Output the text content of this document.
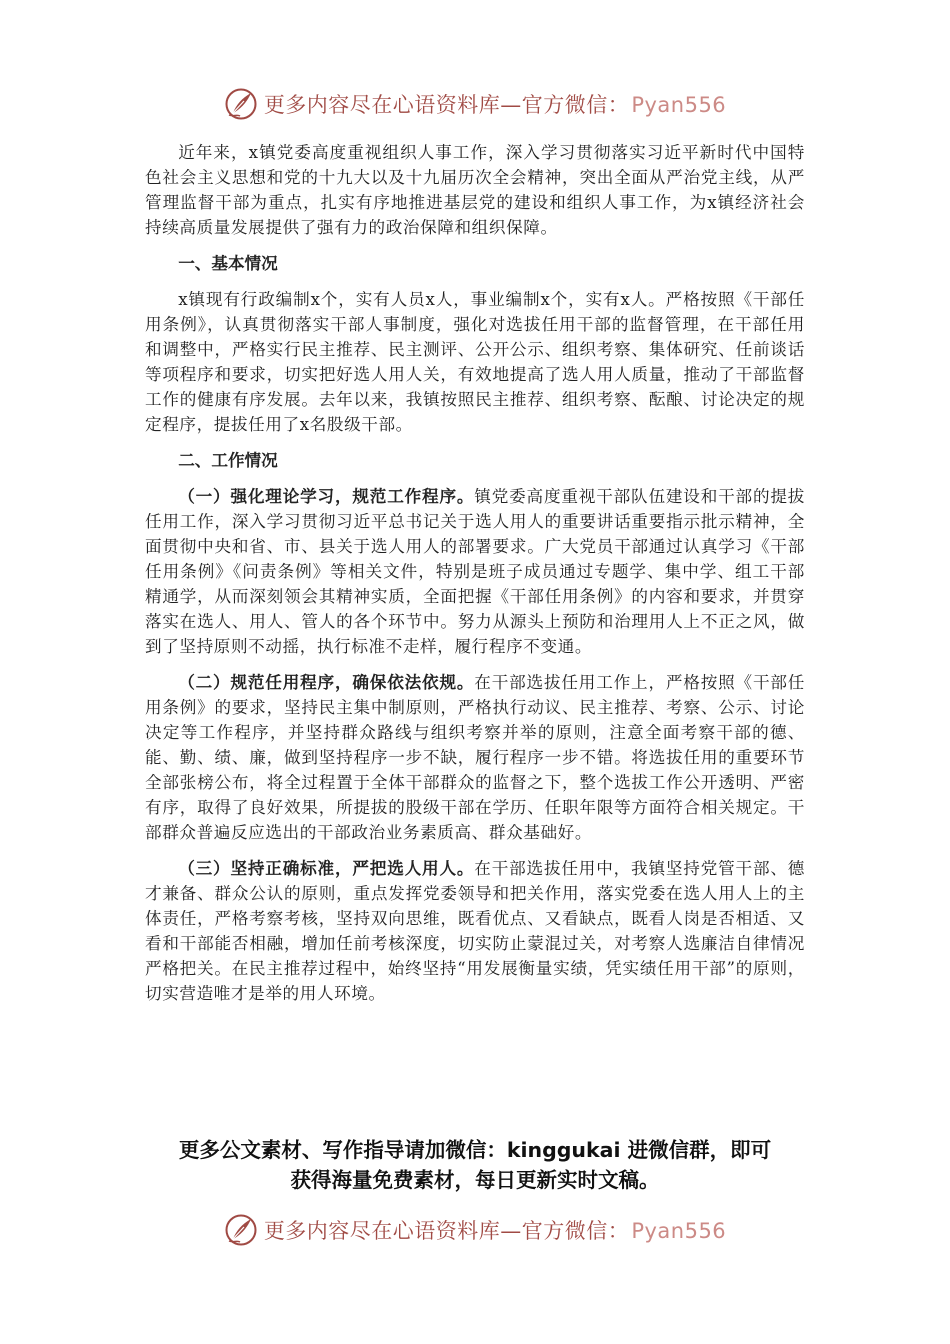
更多内容尽在心语资料库—官方微信：Pyan556

近年来，x镇党委高度重视组织人事工作，深入学习贯彻落实习近平新时代中国特色社会主义思想和党的十九大以及十九届历次全会精神，突出全面从严治党主线，从严管理监督干部为重点，扎实有序地推进基层党的建设和组织人事工作，为x镇经济社会持续高质量发展提供了强有力的政治保障和组织保障。

一、基本情况

x镇现有行政编制x个，实有人员x人，事业编制x个，实有x人。严格按照《干部任用条例》，认真贯彻落实干部人事制度，强化对选拔任用干部的监督管理，在干部任用和调整中，严格实行民主推荐、民主测评、公开公示、组织考察、集体研究、任前谈话等项程序和要求，切实把好选人用人关，有效地提高了选人用人质量，推动了干部监督工作的健康有序发展。去年以来，我镇按照民主推荐、组织考察、酝酿、讨论决定的规定程序，提拔任用了x名股级干部。

二、工作情况

（一）强化理论学习，规范工作程序。镇党委高度重视干部队伍建设和干部的提拔任用工作，深入学习贯彻习近平总书记关于选人用人的重要讲话重要指示批示精神，全面贯彻中央和省、市、县关于选人用人的部署要求。广大党员干部通过认真学习《干部任用条例》《问责条例》等相关文件，特别是班子成员通过专题学、集中学、组工干部精通学，从而深刻领会其精神实质，全面把握《干部任用条例》的内容和要求，并贯穿落实在选人、用人、管人的各个环节中。努力从源头上预防和治理用人上不正之风，做到了坚持原则不动摇，执行标准不走样，履行程序不变通。

（二）规范任用程序，确保依法依规。在干部选拔任用工作上，严格按照《干部任用条例》的要求，坚持民主集中制原则，严格执行动议、民主推荐、考察、公示、讨论决定等工作程序，并坚持群众路线与组织考察并举的原则，注意全面考察干部的德、能、勤、绩、廉，做到坚持程序一步不缺，履行程序一步不错。将选拔任用的重要环节全部张榜公布，将全过程置于全体干部群众的监督之下，整个选拔工作公开透明、严密有序，取得了良好效果，所提拔的股级干部在学历、任职年限等方面符合相关规定。干部群众普遍反应选出的干部政治业务素质高、群众基础好。

（三）坚持正确标准，严把选人用人。在干部选拔任用中，我镇坚持党管干部、德才兼备、群众公认的原则，重点发挥党委领导和把关作用，落实党委在选人用人上的主体责任，严格考察考核，坚持双向思维，既看优点、又看缺点，既看人岗是否相适、又看和干部能否相融，增加任前考核深度，切实防止蒙混过关，对考察人选廉洁自律情况严格把关。在民主推荐过程中，始终坚持“用发展衡量实绩，凭实绩任用干部”的原则，切实营造唯才是举的用人环境。

更多公文素材、写作指导请加微信：kinggukai 进微信群，即可
获得海量免费素材，每日更新实时文稿。

更多内容尽在心语资料库—官方微信：Pyan556
